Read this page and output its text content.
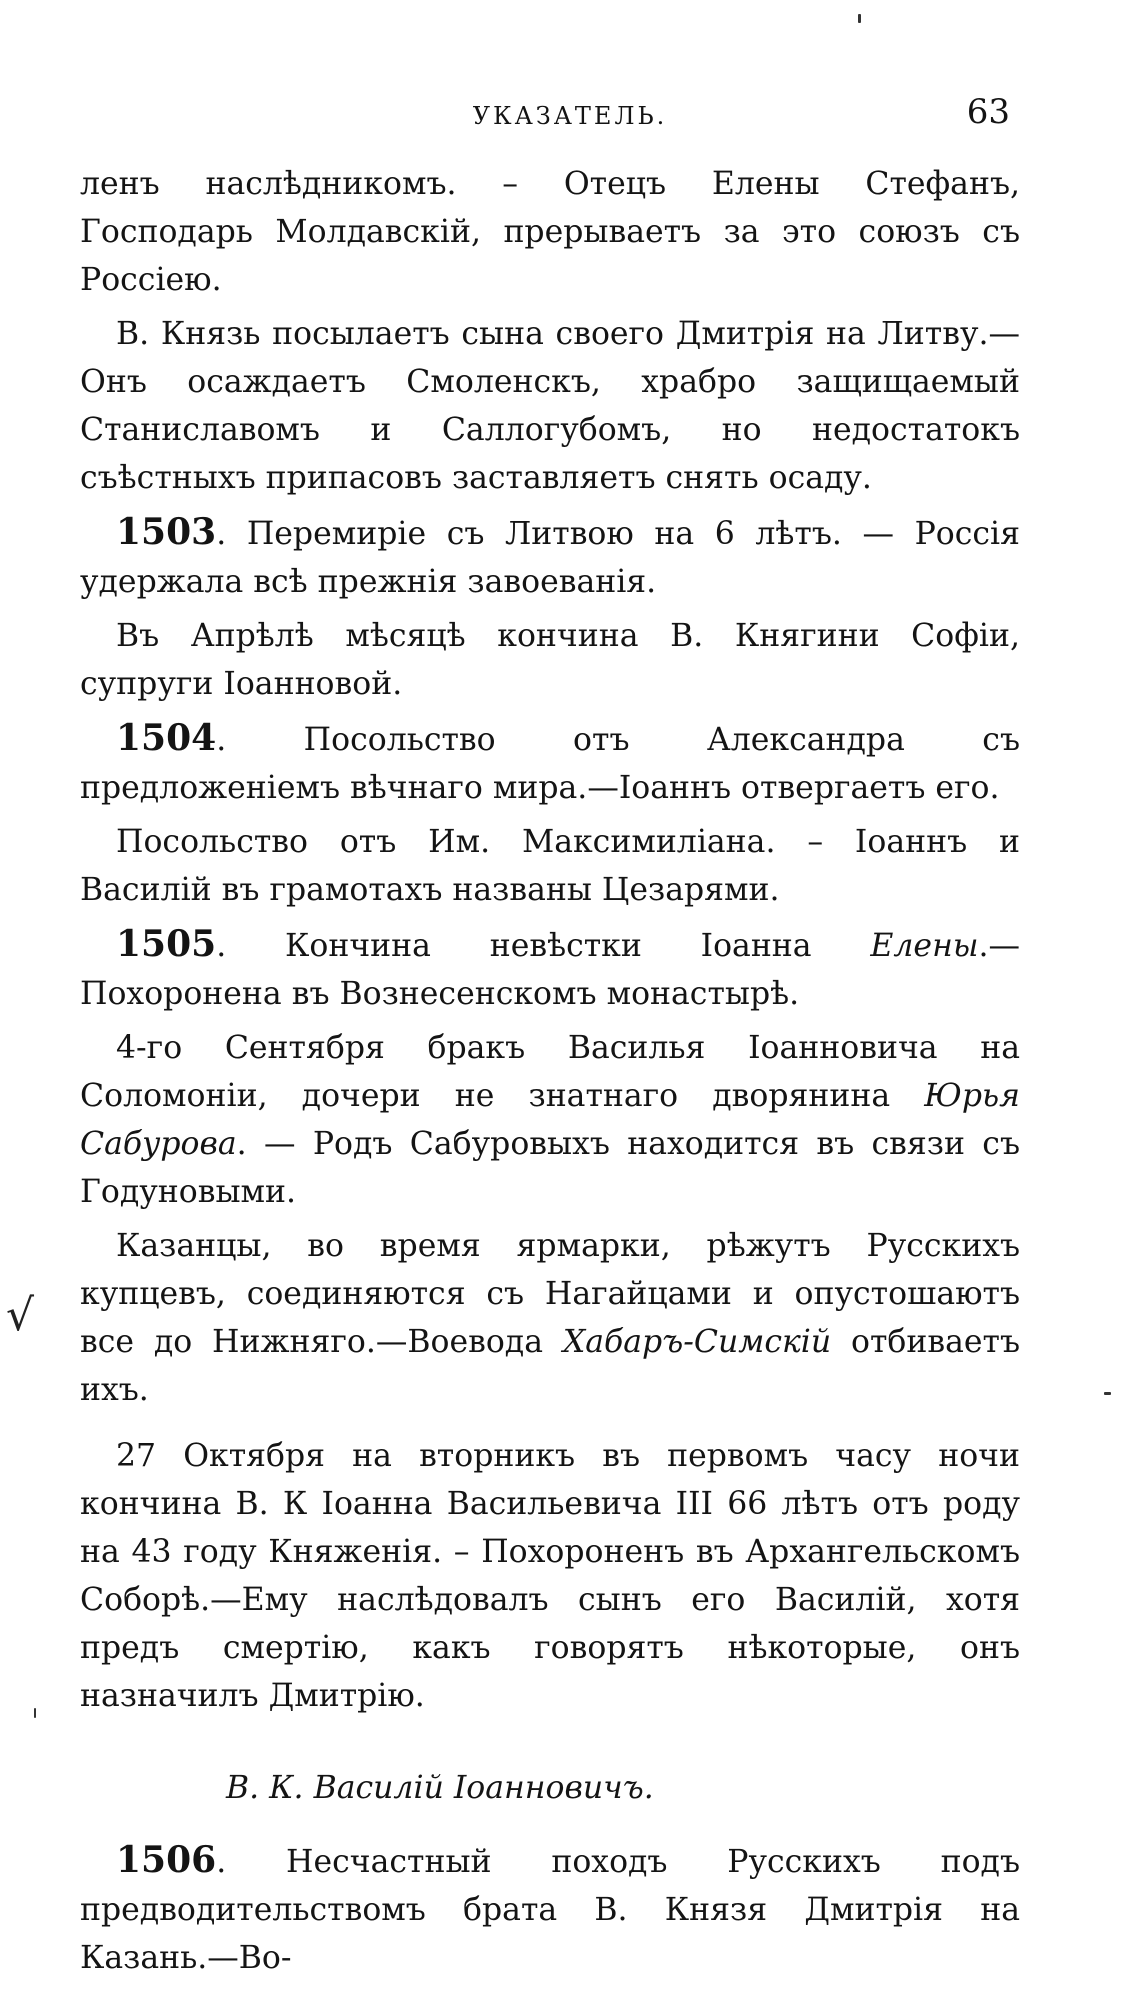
УКАЗАТЕЛЬ.	63

ленъ наслѣдникомъ. – Отецъ Елены Стефанъ, Господарь Молдавскій, прерываетъ за это союзъ съ Россіею.

В. Князь посылаетъ сына своего Дмитрія на Литву.— Онъ осаждаетъ Смоленскъ, храбро защищаемый Станиславомъ и Саллогубомъ, но недостатокъ съѣстныхъ припасовъ заставляетъ снять осаду.

1503. Перемиріе съ Литвою на 6 лѣтъ. — Россія удержала всѣ прежнія завоеванія.

Въ Апрѣлѣ мѣсяцѣ кончина В. Княгини Софіи, супруги Іоанновой.

1504. Посольство отъ Александра съ предложеніемъ вѣчнаго мира.—Іоаннъ отвергаетъ его.

Посольство отъ Им. Максимиліана. – Іоаннъ и Василій въ грамотахъ названы Цезарями.

1505. Кончина невѣстки Іоанна Елены.—Похоронена въ Вознесенскомъ монастырѣ.

4-го Сентября бракъ Василья Іоанновича на Соломоніи, дочери не знатнаго дворянина Юрья Сабурова. — Родъ Сабуровыхъ находится въ связи съ Годуновыми.

Казанцы, во время ярмарки, рѣжутъ Русскихъ купцевъ, соединяются съ Нагайцами и опустошаютъ все до Нижняго.—Воевода Хабаръ-Симскій отбиваетъ ихъ.

27 Октября на вторникъ въ первомъ часу ночи кончина В. К Іоанна Васильевича III 66 лѣтъ отъ роду на 43 году Княженія. – Похороненъ въ Архангельскомъ Соборѣ.—Ему наслѣдовалъ сынъ его Василій, хотя предъ смертію, какъ говорятъ нѣкоторые, онъ назначилъ Дмитрію.

В. К. Василій Іоанновичъ.

1506. Несчастный походъ Русскихъ подъ предводительствомъ брата В. Князя Дмитрія на Казань.—Во-

√
